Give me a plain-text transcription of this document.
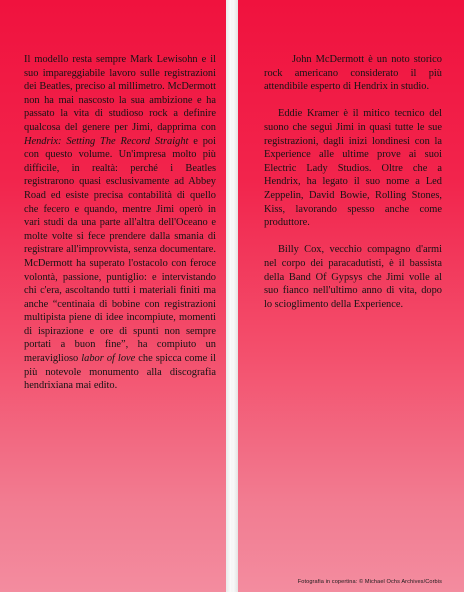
Il modello resta sempre Mark Lewisohn e il suo impareggiabile lavoro sulle registrazioni dei Beatles, preciso al millimetro. McDermott non ha mai nascosto la sua ambizione e ha passato la vita di studioso rock a definire qualcosa del genere per Jimi, dapprima con Hendrix: Setting The Record Straight e poi con questo volume. Un'impresa molto più difficile, in realtà: perché i Beatles registrarono quasi esclusivamente ad Abbey Road ed esiste precisa contabilità di quello che fecero e quando, mentre Jimi operò in vari studi da una parte all'altra dell'Oceano e molte volte si fece prendere dalla smania di registrare all'improvvista, senza documentare. McDermott ha superato l'ostacolo con feroce volontà, passione, puntiglio: e intervistando chi c'era, ascoltando tutti i materiali finiti ma anche “centinaia di bobine con registrazioni multipista piene di idee incompiute, momenti di ispirazione e ore di spunti non sempre portati a buon fine”, ha compiuto un meraviglioso labor of love che spicca come il più notevole monumento alla discografia hendrixiana mai edito.

John McDermott è un noto storico rock americano considerato il più attendibile esperto di Hendrix in studio.

Eddie Kramer è il mitico tecnico del suono che seguì Jimi in quasi tutte le sue registrazioni, dagli inizi londinesi con la Experience alle ultime prove ai suoi Electric Lady Studios. Oltre che a Hendrix, ha legato il suo nome a Led Zeppelin, David Bowie, Rolling Stones, Kiss, lavorando spesso anche come produttore.

Billy Cox, vecchio compagno d'armi nel corpo dei paracadutisti, è il bassista della Band Of Gypsys che Jimi volle al suo fianco nell'ultimo anno di vita, dopo lo scioglimento della Experience.

Fotografia in copertina: © Michael Ochs Archives/Corbis
